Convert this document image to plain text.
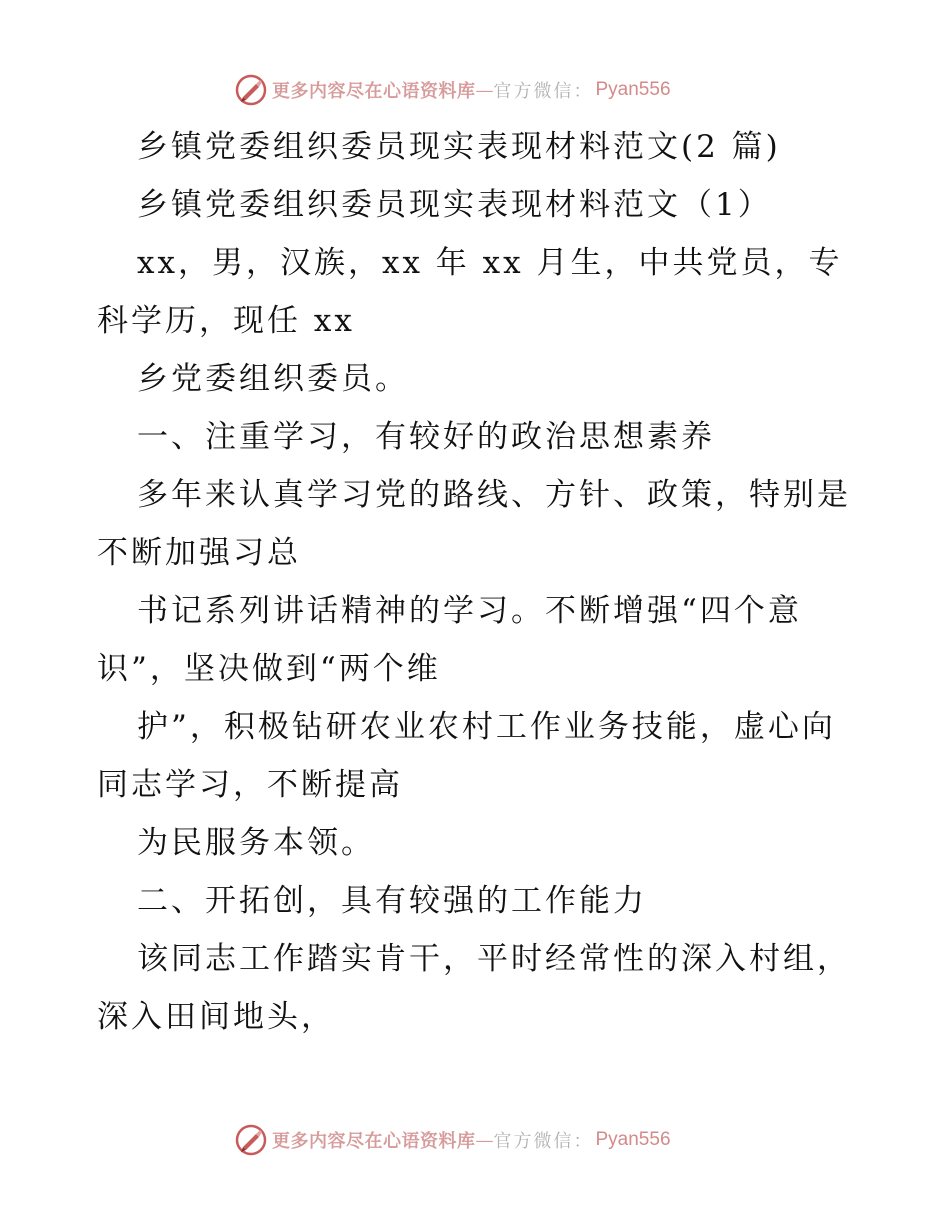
更多内容尽在心语资料库 — 官方微信： Pyan556
乡镇党委组织委员现实表现材料范文(2 篇)
乡镇党委组织委员现实表现材料范文（1）
xx，男，汉族，xx 年 xx 月生，中共党员，专
科学历，现任 xx
乡党委组织委员。
一、注重学习，有较好的政治思想素养
多年来认真学习党的路线、方针、政策，特别是
不断加强习总
书记系列讲话精神的学习。不断增强“四个意
识”，坚决做到“两个维
护”，积极钻研农业农村工作业务技能，虚心向
同志学习，不断提高
为民服务本领。
二、开拓创，具有较强的工作能力
该同志工作踏实肯干，平时经常性的深入村组，
深入田间地头，
更多内容尽在心语资料库 — 官方微信： Pyan556
